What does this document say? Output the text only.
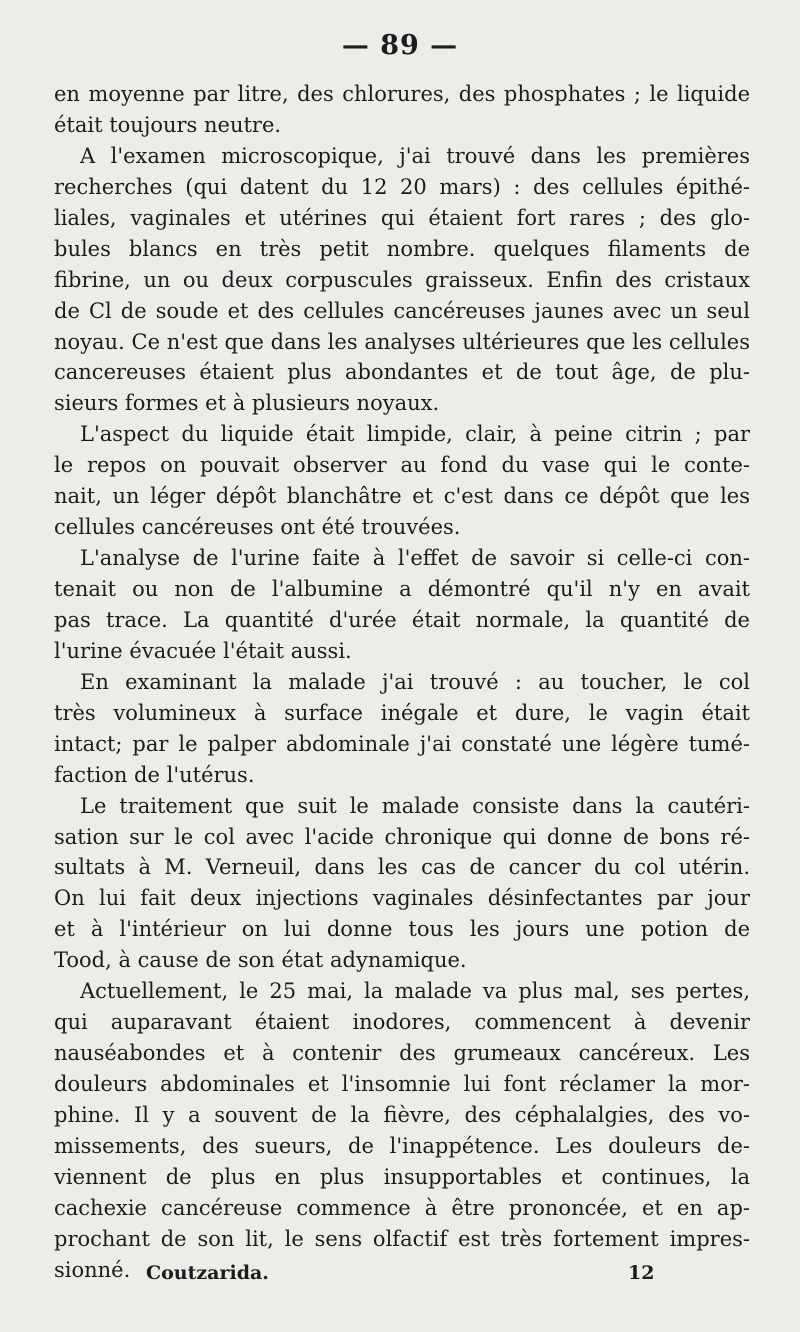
— 89 —
en moyenne par litre, des chlorures, des phosphates ; le liquide
était toujours neutre.
A l'examen microscopique, j'ai trouvé dans les premières
recherches (qui datent du 12 20 mars) : des cellules épithé-
liales, vaginales et utérines qui étaient fort rares ; des glo-
bules blancs en très petit nombre. quelques filaments de
fibrine, un ou deux corpuscules graisseux. Enfin des cristaux
de Cl de soude et des cellules cancéreuses jaunes avec un seul
noyau. Ce n'est que dans les analyses ultérieures que les cellules
cancereuses étaient plus abondantes et de tout âge, de plu-
sieurs formes et à plusieurs noyaux.
L'aspect du liquide était limpide, clair, à peine citrin ; par
le repos on pouvait observer au fond du vase qui le conte-
nait, un léger dépôt blanchâtre et c'est dans ce dépôt que les
cellules cancéreuses ont été trouvées.
L'analyse de l'urine faite à l'effet de savoir si celle-ci con-
tenait ou non de l'albumine a démontré qu'il n'y en avait
pas trace. La quantité d'urée était normale, la quantité de
l'urine évacuée l'était aussi.
En examinant la malade j'ai trouvé : au toucher, le col
très volumineux à surface inégale et dure, le vagin était
intact; par le palper abdominale j'ai constaté une légère tumé-
faction de l'utérus.
Le traitement que suit le malade consiste dans la cautéri-
sation sur le col avec l'acide chronique qui donne de bons ré-
sultats à M. Verneuil, dans les cas de cancer du col utérin.
On lui fait deux injections vaginales désinfectantes par jour
et à l'intérieur on lui donne tous les jours une potion de
Tood, à cause de son état adynamique.
Actuellement, le 25 mai, la malade va plus mal, ses pertes,
qui auparavant étaient inodores, commencent à devenir
nauséabondes et à contenir des grumeaux cancéreux. Les
douleurs abdominales et l'insomnie lui font réclamer la mor-
phine. Il y a souvent de la fièvre, des céphalalgies, des vo-
missements, des sueurs, de l'inappétence. Les douleurs de-
viennent de plus en plus insupportables et continues, la
cachexie cancéreuse commence à être prononcée, et en ap-
prochant de son lit, le sens olfactif est très fortement impres-
sionné. Coutzarida.	12
